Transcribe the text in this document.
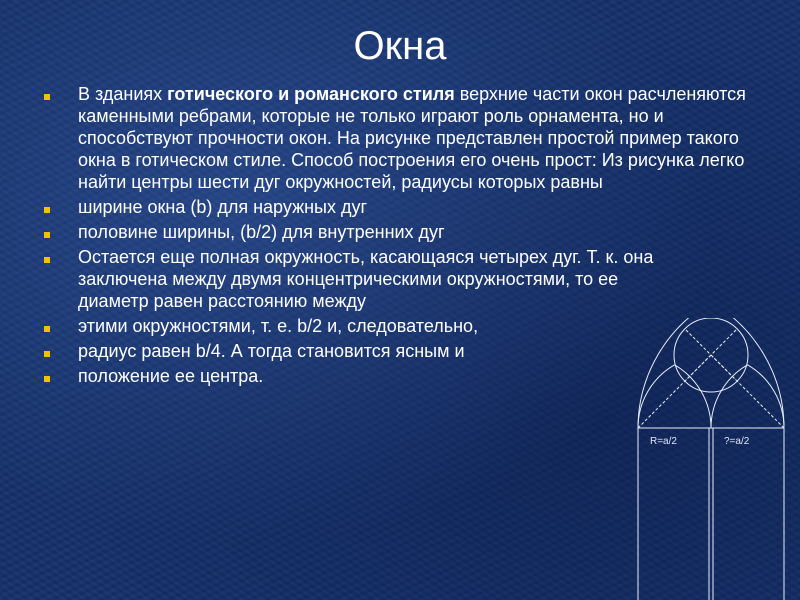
Окна
В зданиях готического и романского стиля верхние части окон расчленяются каменными ребрами, которые не только играют роль орнамента, но и способствуют прочности окон. На рисунке представлен простой пример такого окна в готическом стиле. Способ построения его очень прост: Из рисунка легко найти центры шести дуг окружностей, радиусы которых равны
ширине окна (b) для наружных дуг
половине ширины, (b/2) для внутренних дуг
Остается еще полная окружность, касающаяся четырех дуг. Т. к. она заключена между двумя концентрическими окружностями, то ее диаметр равен расстоянию между
этими окружностями, т. е. b/2 и, следовательно,
радиус равен b/4. А тогда становится ясным и
положение ее центра.
R=a/2	?=a/2
